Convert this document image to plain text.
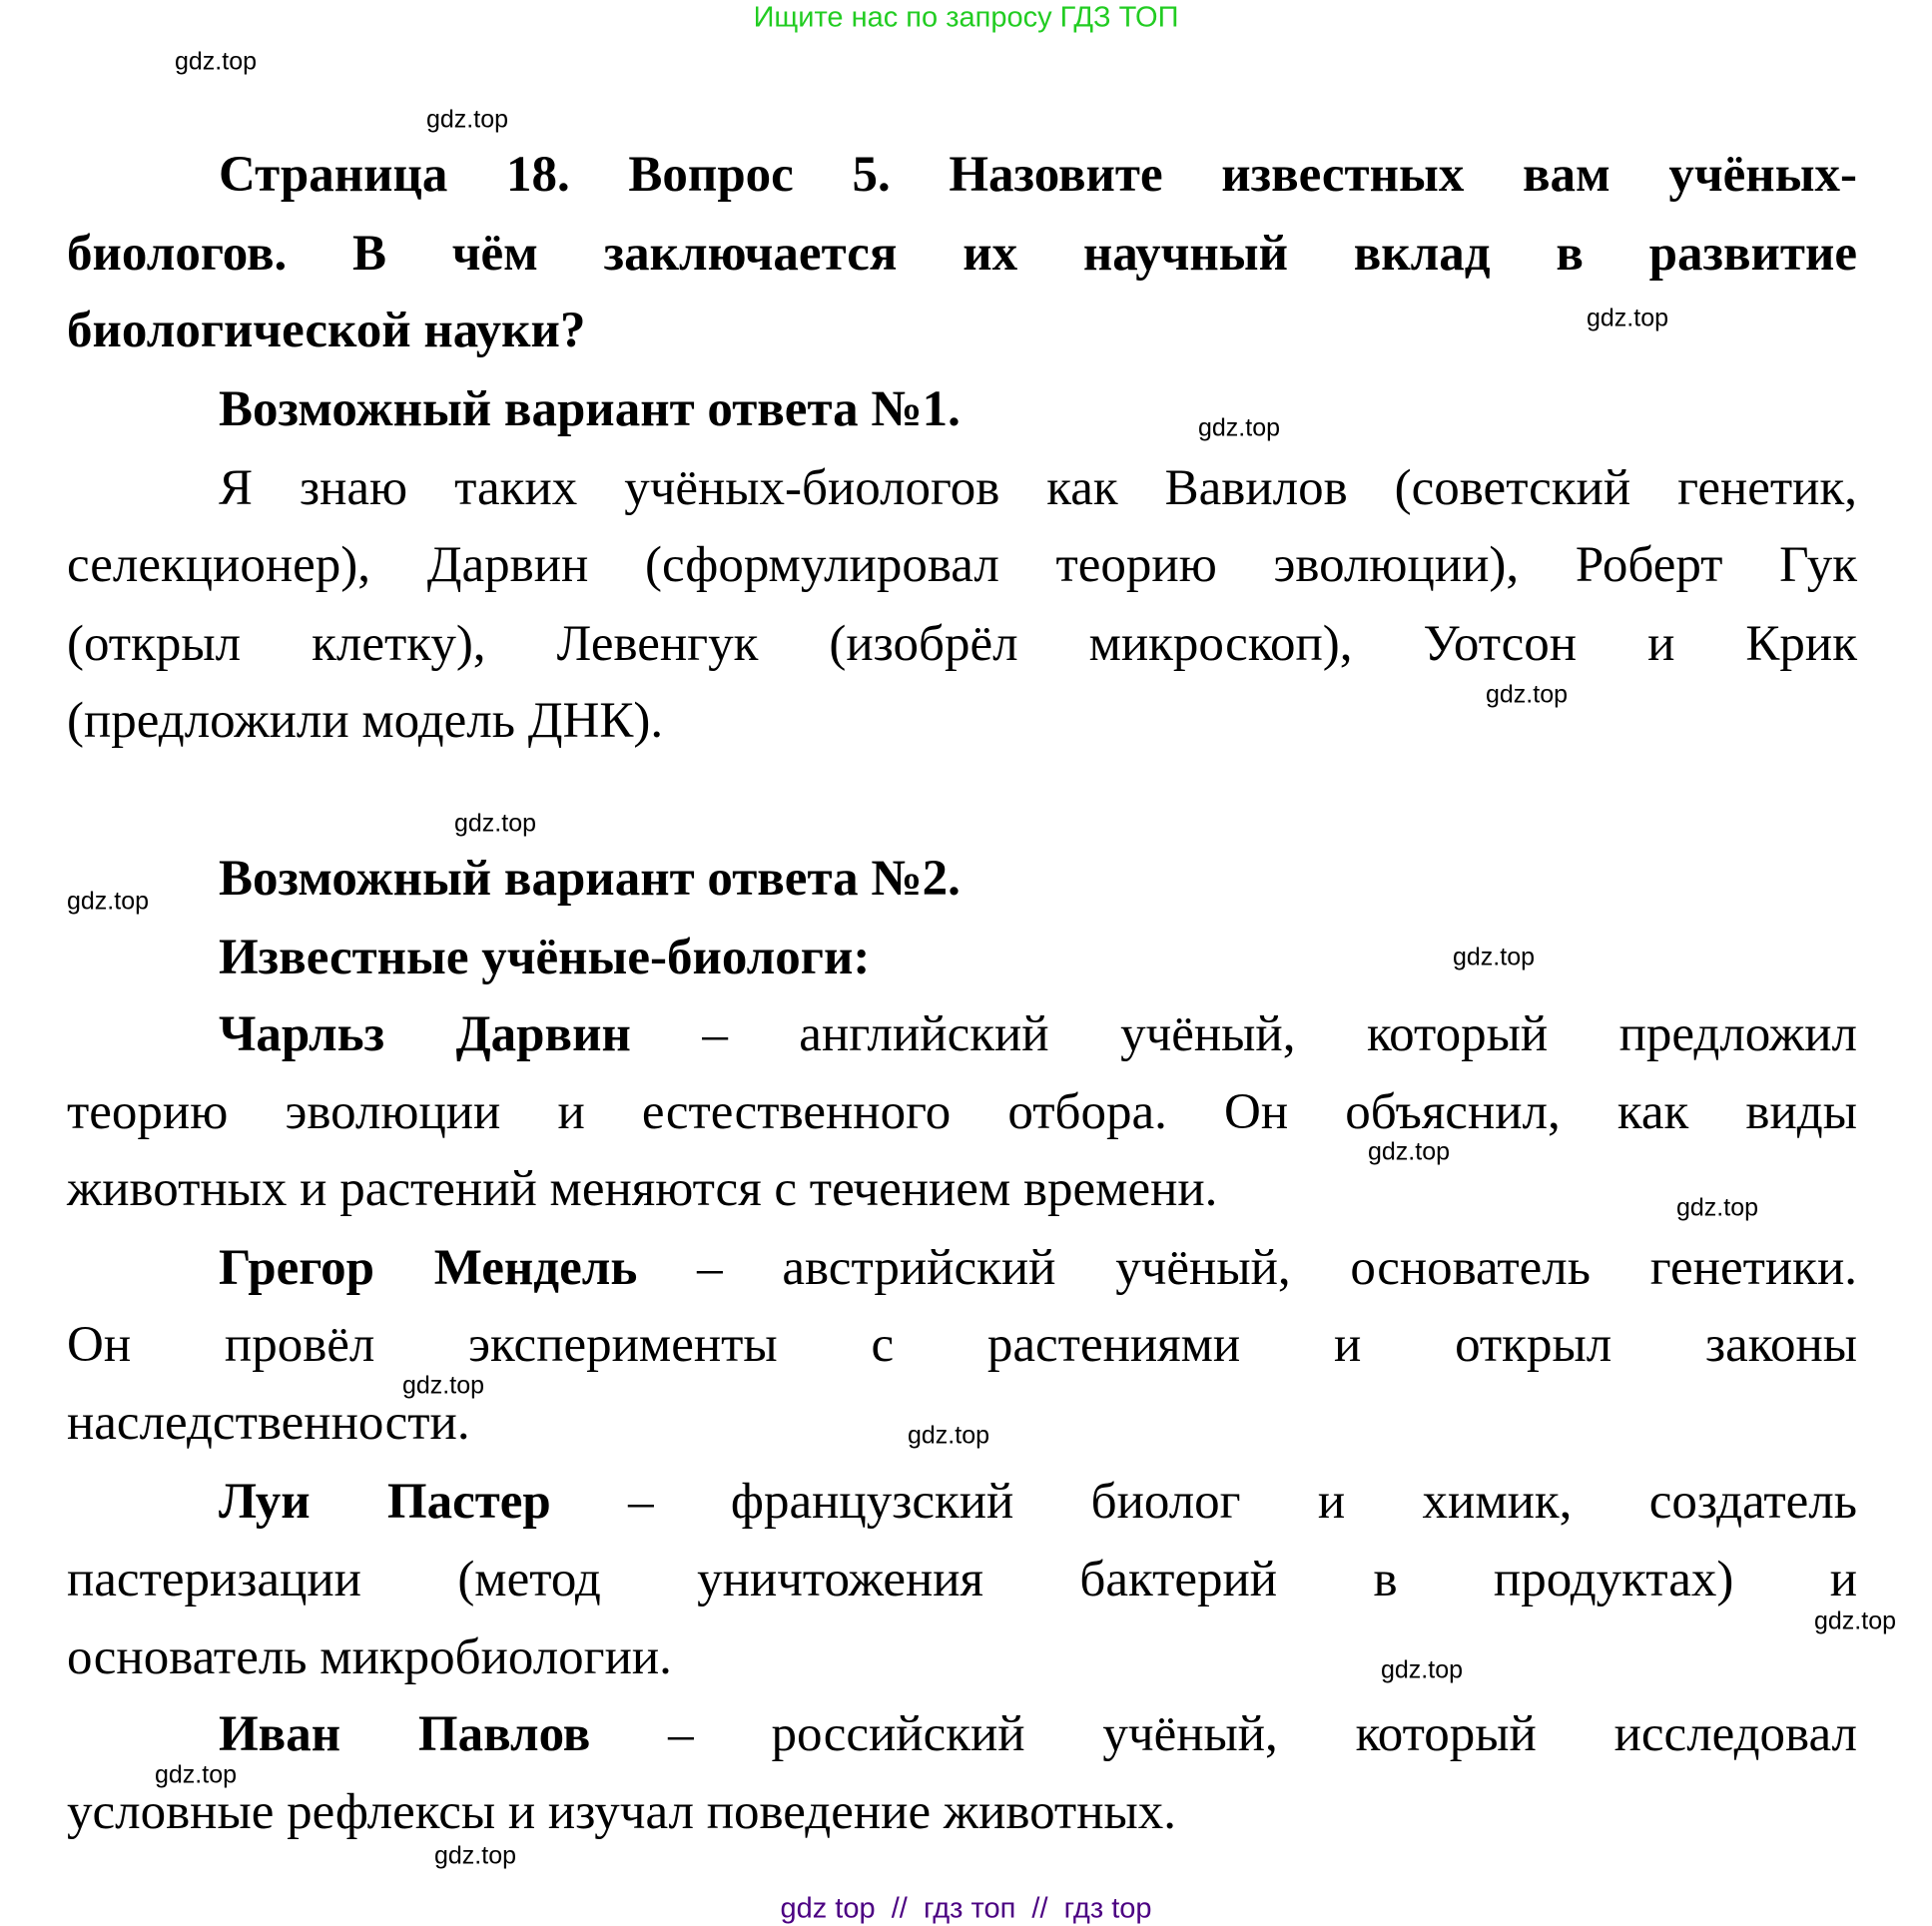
Ищите нас по запросу ГДЗ ТОП
gdz.top
gdz.top
gdz.top
gdz.top
gdz.top
gdz.top
gdz.top
gdz.top
gdz.top
gdz.top
gdz.top
gdz.top
gdz.top
gdz.top
gdz.top
gdz.top
Страница 18. Вопрос 5. Назовите известных вам учёных-
биологов. В чём заключается их научный вклад в развитие
биологической науки?
Возможный вариант ответа №1.
Я знаю таких учёных-биологов как Вавилов (советский генетик,
селекционер), Дарвин (сформулировал теорию эволюции), Роберт Гук
(открыл клетку), Левенгук (изобрёл микроскоп), Уотсон и Крик
(предложили модель ДНК).
Возможный вариант ответа №2.
Известные учёные-биологи:
Чарльз Дарвин – английский учёный, который предложил
теорию эволюции и естественного отбора. Он объяснил, как виды
животных и растений меняются с течением времени.
Грегор Мендель – австрийский учёный, основатель генетики.
Он провёл эксперименты с растениями и открыл законы
наследственности.
Луи Пастер – французский биолог и химик, создатель
пастеризации (метод уничтожения бактерий в продуктах) и
основатель микробиологии.
Иван Павлов – российский учёный, который исследовал
условные рефлексы и изучал поведение животных.
gdz top  //  гдз топ  //  гдз top
